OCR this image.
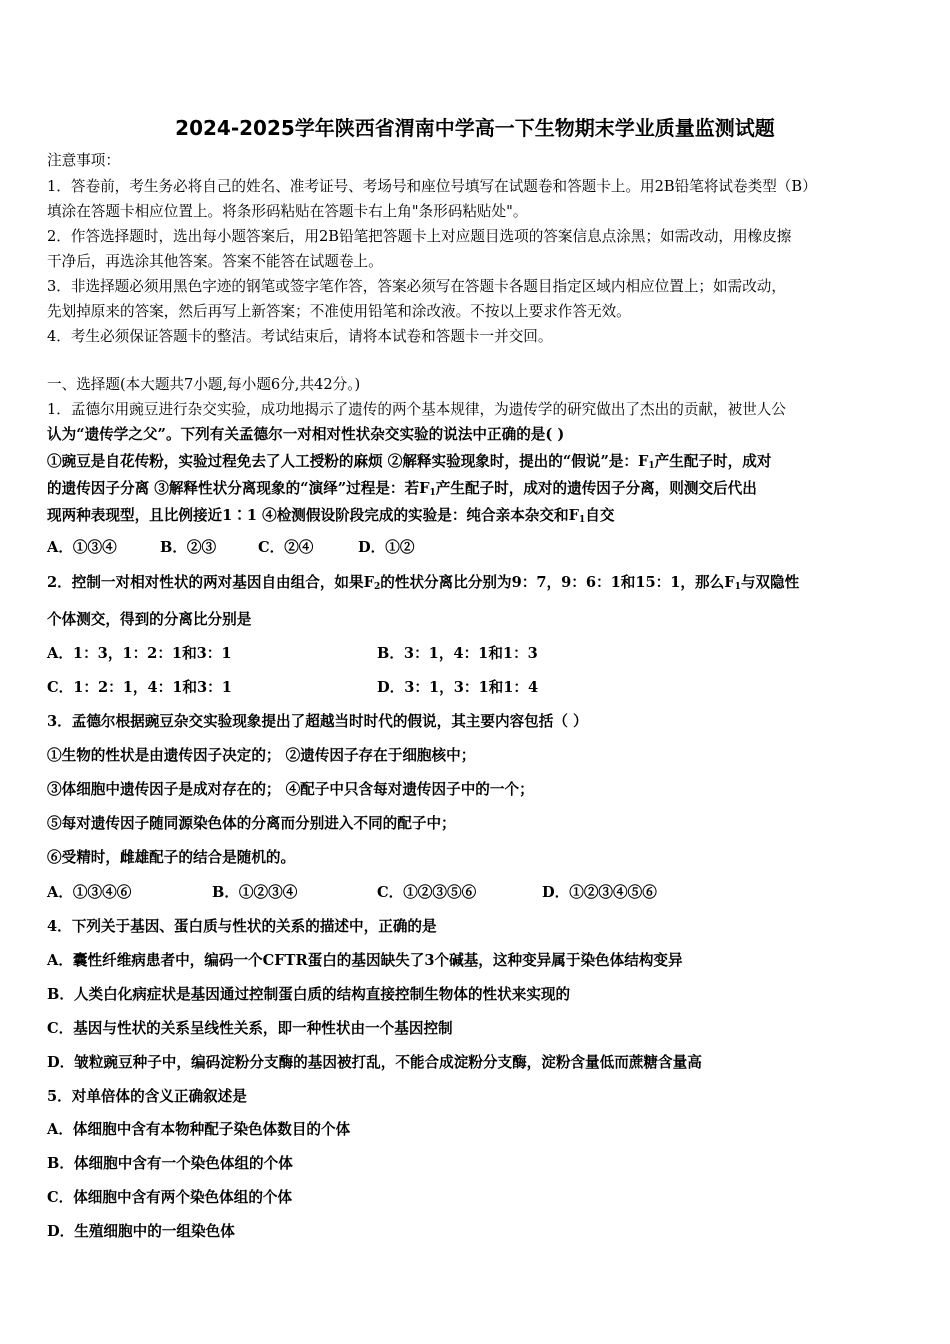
2024-2025学年陕西省渭南中学高一下生物期末学业质量监测试题
注意事项：
1．答卷前，考生务必将自己的姓名、准考证号、考场号和座位号填写在试题卷和答题卡上。用2B铅笔将试卷类型（B）
填涂在答题卡相应位置上。将条形码粘贴在答题卡右上角"条形码粘贴处"。
2．作答选择题时，选出每小题答案后，用2B铅笔把答题卡上对应题目选项的答案信息点涂黑；如需改动，用橡皮擦
干净后，再选涂其他答案。答案不能答在试题卷上。
3．非选择题必须用黑色字迹的钢笔或签字笔作答，答案必须写在答题卡各题目指定区域内相应位置上；如需改动，
先划掉原来的答案，然后再写上新答案；不准使用铅笔和涂改液。不按以上要求作答无效。
4．考生必须保证答题卡的整洁。考试结束后，请将本试卷和答题卡一并交回。
一、选择题(本大题共7小题,每小题6分,共42分。)
1．孟德尔用豌豆进行杂交实验，成功地揭示了遗传的两个基本规律，为遗传学的研究做出了杰出的贡献，被世人公
认为“遗传学之父”。下列有关孟德尔一对相对性状杂交实验的说法中正确的是( )
①豌豆是自花传粉，实验过程免去了人工授粉的麻烦 ②解释实验现象时，提出的“假说”是：$F_1$产生配子时，成对
的遗传因子分离 ③解释性状分离现象的“演绎”过程是：若$F_1$产生配子时，成对的遗传因子分离，则测交后代出
现两种表现型，且比例接近1∶1 ④检测假设阶段完成的实验是：纯合亲本杂交和$F_1$自交
A．①③④	B．②③	C．②④	D．①②
2．控制一对相对性状的两对基因自由组合，如果$F_2$的性状分离比分别为9：7，9：6：1和15：1，那么$F_1$与双隐性
个体测交，得到的分离比分别是
A．1：3，1：2：1和3：1	B．3：1，4：1和1：3
C．1：2：1，4：1和3：1	D．3：1，3：1和1：4
3．孟德尔根据豌豆杂交实验现象提出了超越当时时代的假说，其主要内容包括（ ）
①生物的性状是由遗传因子决定的； ②遗传因子存在于细胞核中；
③体细胞中遗传因子是成对存在的； ④配子中只含每对遗传因子中的一个；
⑤每对遗传因子随同源染色体的分离而分别进入不同的配子中；
⑥受精时，雌雄配子的结合是随机的。
A．①③④⑥	B．①②③④	C．①②③⑤⑥	D．①②③④⑤⑥
4．下列关于基因、蛋白质与性状的关系的描述中，正确的是
A．囊性纤维病患者中，编码一个CFTR蛋白的基因缺失了3个碱基，这种变异属于染色体结构变异
B．人类白化病症状是基因通过控制蛋白质的结构直接控制生物体的性状来实现的
C．基因与性状的关系呈线性关系，即一种性状由一个基因控制
D．皱粒豌豆种子中，编码淀粉分支酶的基因被打乱，不能合成淀粉分支酶，淀粉含量低而蔗糖含量高
5．对单倍体的含义正确叙述是
A．体细胞中含有本物种配子染色体数目的个体
B．体细胞中含有一个染色体组的个体
C．体细胞中含有两个染色体组的个体
D．生殖细胞中的一组染色体
